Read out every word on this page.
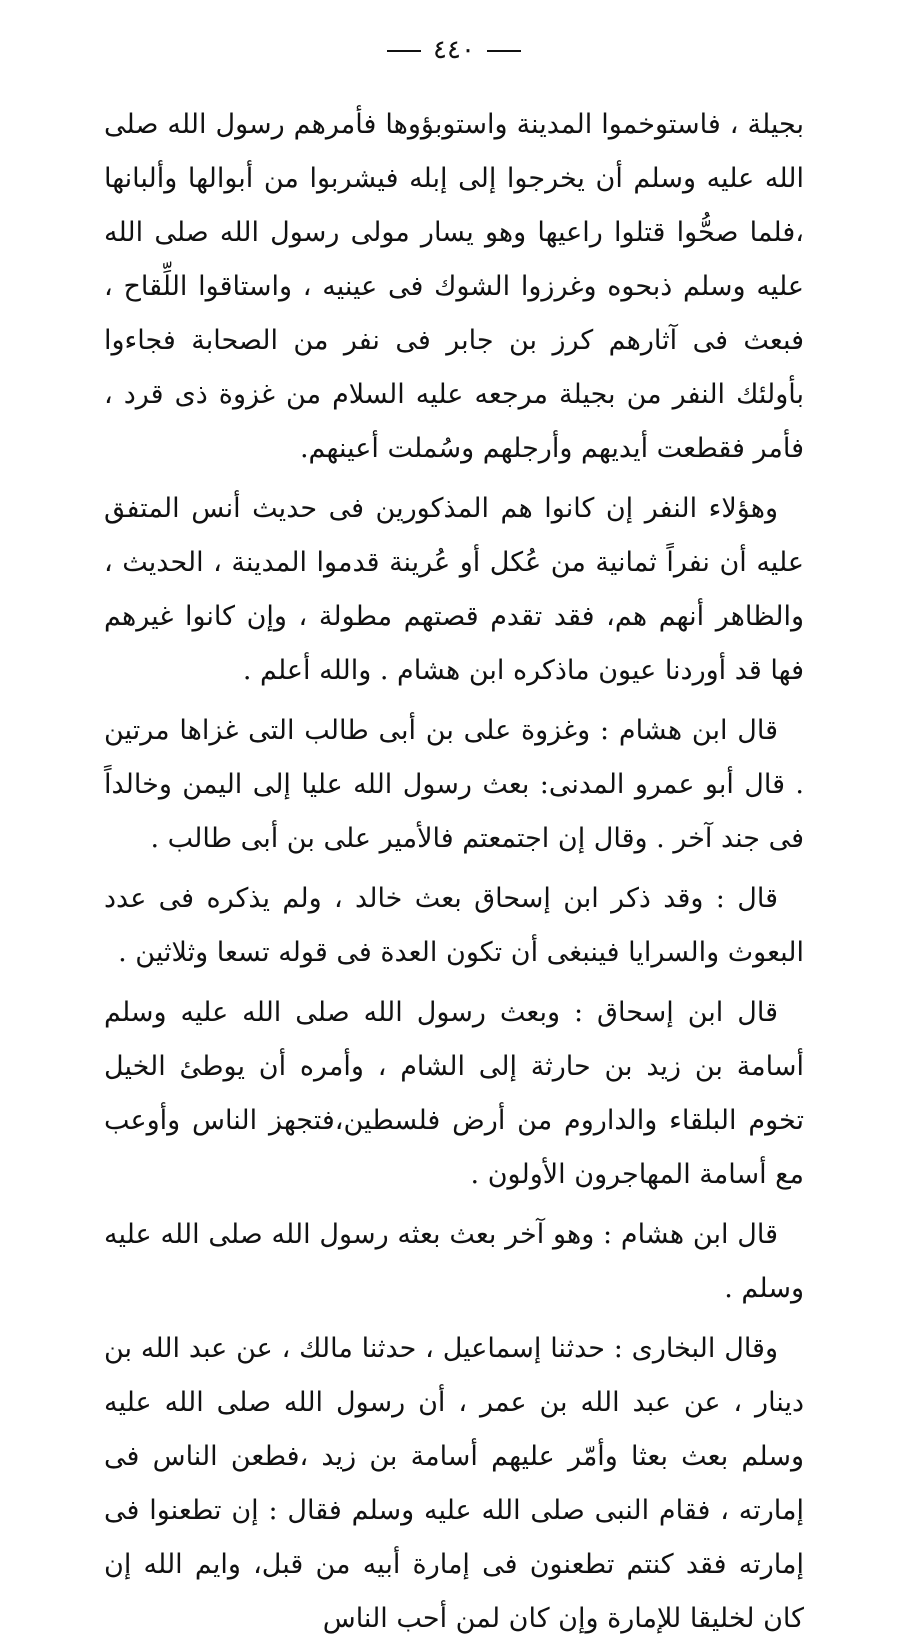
٤٤٠

بجيلة ، فاستوخموا المدينة واستوبؤوها فأمرهم رسول الله صلى الله عليه وسلم أن يخرجوا إلى إبله فيشربوا من أبوالها وألبانها ،فلما صحُّوا قتلوا راعيها وهو يسار مولى رسول الله صلى الله عليه وسلم ذبحوه وغرزوا الشوك فى عينيه ، واستاقوا اللِّقاح ، فبعث فى آثارهم كرز بن جابر فى نفر من الصحابة فجاءوا بأولئك النفر من بجيلة مرجعه عليه السلام من غزوة ذى قرد ، فأمر فقطعت أيديهم وأرجلهم وسُملت أعينهم.

وهؤلاء النفر إن كانوا هم المذكورين فى حديث أنس المتفق عليه أن نفراً ثمانية من عُكل أو عُرينة قدموا المدينة ، الحديث ، والظاهر أنهم هم، فقد تقدم قصتهم مطولة ، وإن كانوا غيرهم فها قد أوردنا عيون ماذكره ابن هشام . والله أعلم .

قال ابن هشام : وغزوة على بن أبى طالب التى غزاها مرتين . قال أبو عمرو المدنى: بعث رسول الله عليا إلى اليمن وخالداً فى جند آخر . وقال إن اجتمعتم فالأمير على بن أبى طالب .

قال : وقد ذكر ابن إسحاق بعث خالد ، ولم يذكره فى عدد البعوث والسرايا فينبغى أن تكون العدة فى قوله تسعا وثلاثين .

قال ابن إسحاق : وبعث رسول الله صلى الله عليه وسلم أسامة بن زيد بن حارثة إلى الشام ، وأمره أن يوطئ الخيل تخوم البلقاء والداروم من أرض فلسطين،فتجهز الناس وأوعب مع أسامة المهاجرون الأولون .

قال ابن هشام : وهو آخر بعث بعثه رسول الله صلى الله عليه وسلم .

وقال البخارى : حدثنا إسماعيل ، حدثنا مالك ، عن عبد الله بن دينار ، عن عبد الله بن عمر ، أن رسول الله صلى الله عليه وسلم بعث بعثا وأمّر عليهم أسامة بن زيد ،فطعن الناس فى إمارته ، فقام النبى صلى الله عليه وسلم فقال : إن تطعنوا فى إمارته فقد كنتم تطعنون فى إمارة أبيه من قبل، وايم الله إن كان لخليقا للإمارة وإن كان لمن أحب الناس
